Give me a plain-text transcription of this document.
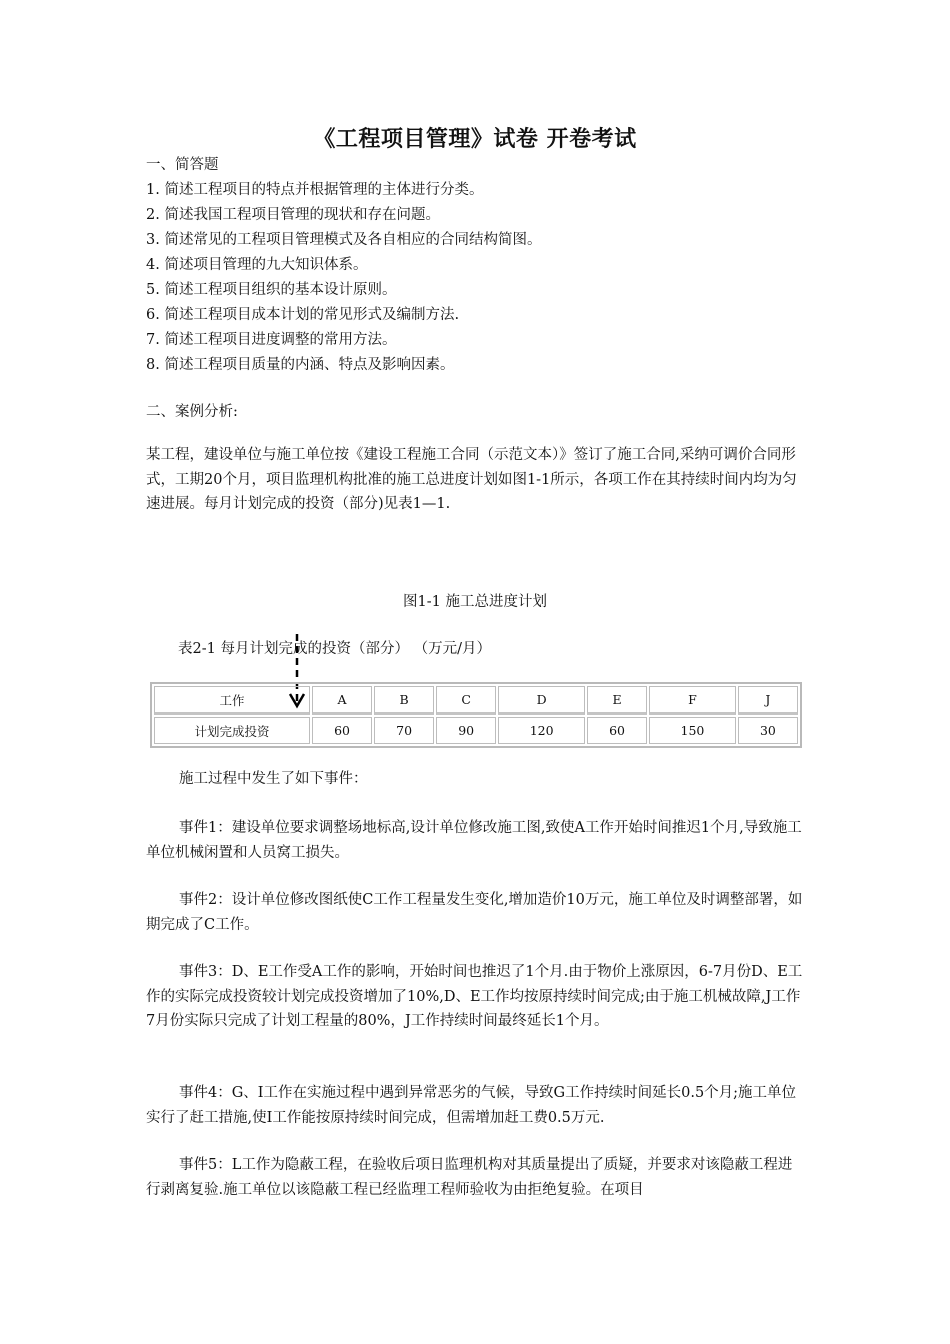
《工程项目管理》试卷 开卷考试
一、简答题
1. 简述工程项目的特点并根据管理的主体进行分类。
2. 简述我国工程项目管理的现状和存在问题。
3. 简述常见的工程项目管理模式及各自相应的合同结构简图。
4. 简述项目管理的九大知识体系。
5. 简述工程项目组织的基本设计原则。
6. 简述工程项目成本计划的常见形式及编制方法.
7. 简述工程项目进度调整的常用方法。
8. 简述工程项目质量的内涵、特点及影响因素。
二、案例分析:
某工程，建设单位与施工单位按《建设工程施工合同（示范文本）》签订了施工合同,采纳可调价合同形式，工期20个月，项目监理机构批准的施工总进度计划如图1-1所示，各项工作在其持续时间内均为匀速进展。每月计划完成的投资（部分)见表1—1.
图1-1 施工总进度计划
表2-1 每月计划完成的投资（部分） （万元/月）
工作	A	B	C	D	E	F	J
计划完成投资	60	70	90	120	60	150	30
施工过程中发生了如下事件：
事件1：建设单位要求调整场地标高,设计单位修改施工图,致使A工作开始时间推迟1个月,导致施工单位机械闲置和人员窝工损失。
事件2：设计单位修改图纸使C工作工程量发生变化,增加造价10万元，施工单位及时调整部署，如期完成了C工作。
事件3：D、E工作受A工作的影响，开始时间也推迟了1个月.由于物价上涨原因，6-7月份D、E工作的实际完成投资较计划完成投资增加了10%,D、E工作均按原持续时间完成;由于施工机械故障,J工作7月份实际只完成了计划工程量的80%，J工作持续时间最终延长1个月。
事件4：G、I工作在实施过程中遇到异常恶劣的气候，导致G工作持续时间延长0.5个月;施工单位实行了赶工措施,使I工作能按原持续时间完成，但需增加赶工费0.5万元.
事件5：L工作为隐蔽工程，在验收后项日监理机构对其质量提出了质疑，并要求对该隐蔽工程进行剥离复验.施工单位以该隐蔽工程已经监理工程师验收为由拒绝复验。在项目
